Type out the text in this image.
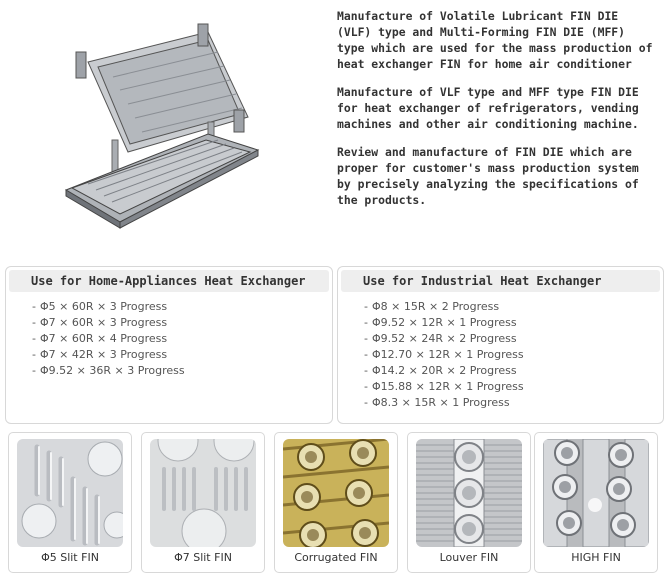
Manufacture of Volatile Lubricant FIN DIE (VLF) type and Multi-Forming FIN DIE (MFF) type which are used for the mass production of heat exchanger FIN for home air conditioner

Manufacture of VLF type and MFF type FIN DIE for heat exchanger of refrigerators, vending machines and other air conditioning machine.

Review and manufacture of FIN DIE which are proper for customer's mass production system by precisely analyzing the specifications of the products.

Use for Home-Appliances Heat Exchanger
- Φ5 × 60R × 3 Progress
- Φ7 × 60R × 3 Progress
- Φ7 × 60R × 4 Progress
- Φ7 × 42R × 3 Progress
- Φ9.52 × 36R × 3 Progress
Use for Industrial Heat Exchanger
- Φ8 × 15R × 2 Progress
- Φ9.52 × 12R × 1 Progress
- Φ9.52 × 24R × 2 Progress
- Φ12.70 × 12R × 1 Progress
- Φ14.2 × 20R × 2 Progress
- Φ15.88 × 12R × 1 Progress
- Φ8.3 × 15R × 1 Progress
Φ5 Slit FIN	Φ7 Slit FIN	Corrugated FIN	Louver FIN	HIGH FIN
